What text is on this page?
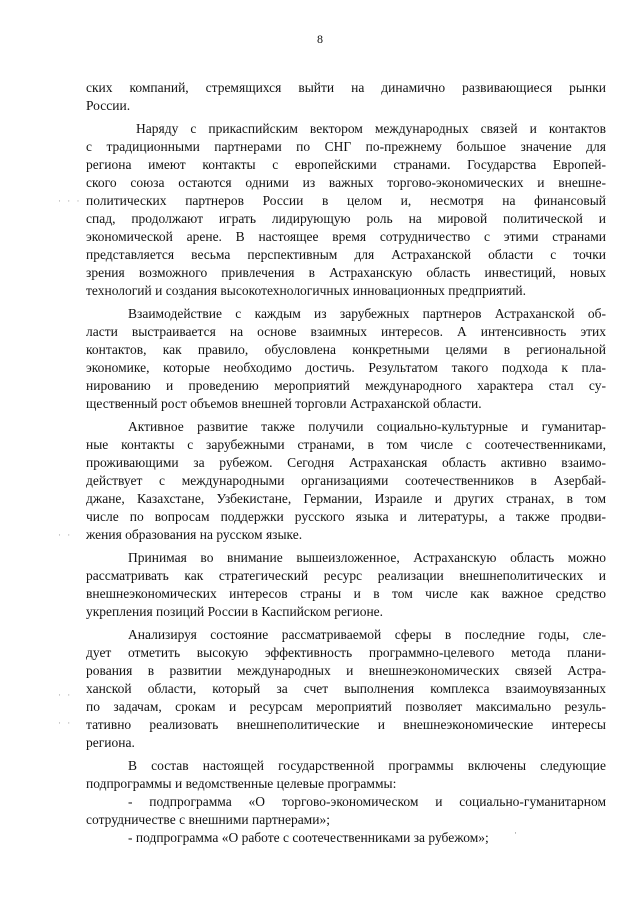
8
ских компаний, стремящихся выйти на динамично развивающиеся рынки
России.
Наряду с прикаспийским вектором международных связей и контактов
с традиционными партнерами по СНГ по-прежнему большое значение для
региона имеют контакты с европейскими странами. Государства Европей-
ского союза остаются одними из важных торгово-экономических и внешне-
политических партнеров России в целом и, несмотря на финансовый
спад, продолжают играть лидирующую роль на мировой политической и
экономической арене. В настоящее время сотрудничество с этими странами
представляется весьма перспективным для Астраханской области с точки
зрения возможного привлечения в Астраханскую область инвестиций, новых
технологий и создания высокотехнологичных инновационных предприятий.
Взаимодействие с каждым из зарубежных партнеров Астраханской об-
ласти выстраивается на основе взаимных интересов. А интенсивность этих
контактов, как правило, обусловлена конкретными целями в региональной
экономике, которые необходимо достичь. Результатом такого подхода к пла-
нированию и проведению мероприятий международного характера стал су-
щественный рост объемов внешней торговли Астраханской области.
Активное развитие также получили социально-культурные и гуманитар-
ные контакты с зарубежными странами, в том числе с соотечественниками,
проживающими за рубежом. Сегодня Астраханская область активно взаимо-
действует с международными организациями соотечественников в Азербай-
джане, Казахстане, Узбекистане, Германии, Израиле и других странах, в том
числе по вопросам поддержки русского языка и литературы, а также продви-
жения образования на русском языке.
Принимая во внимание вышеизложенное, Астраханскую область можно
рассматривать как стратегический ресурс реализации внешнеполитических и
внешнеэкономических интересов страны и в том числе как важное средство
укрепления позиций России в Каспийском регионе.
Анализируя состояние рассматриваемой сферы в последние годы, сле-
дует отметить высокую эффективность программно-целевого метода плани-
рования в развитии международных и внешнеэкономических связей Астра-
ханской области, который за счет выполнения комплекса взаимоувязанных
по задачам, срокам и ресурсам мероприятий позволяет максимально резуль-
тативно реализовать внешнеполитические и внешнеэкономические интересы
региона.
В состав настоящей государственной программы включены следующие
подпрограммы и ведомственные целевые программы:
- подпрограмма «О торгово-экономическом и социально-гуманитарном
сотрудничестве с внешними партнерами»;
- подпрограмма «О работе с соотечественниками за рубежом»;
· · ·
· ·
· ·
· ·
·
